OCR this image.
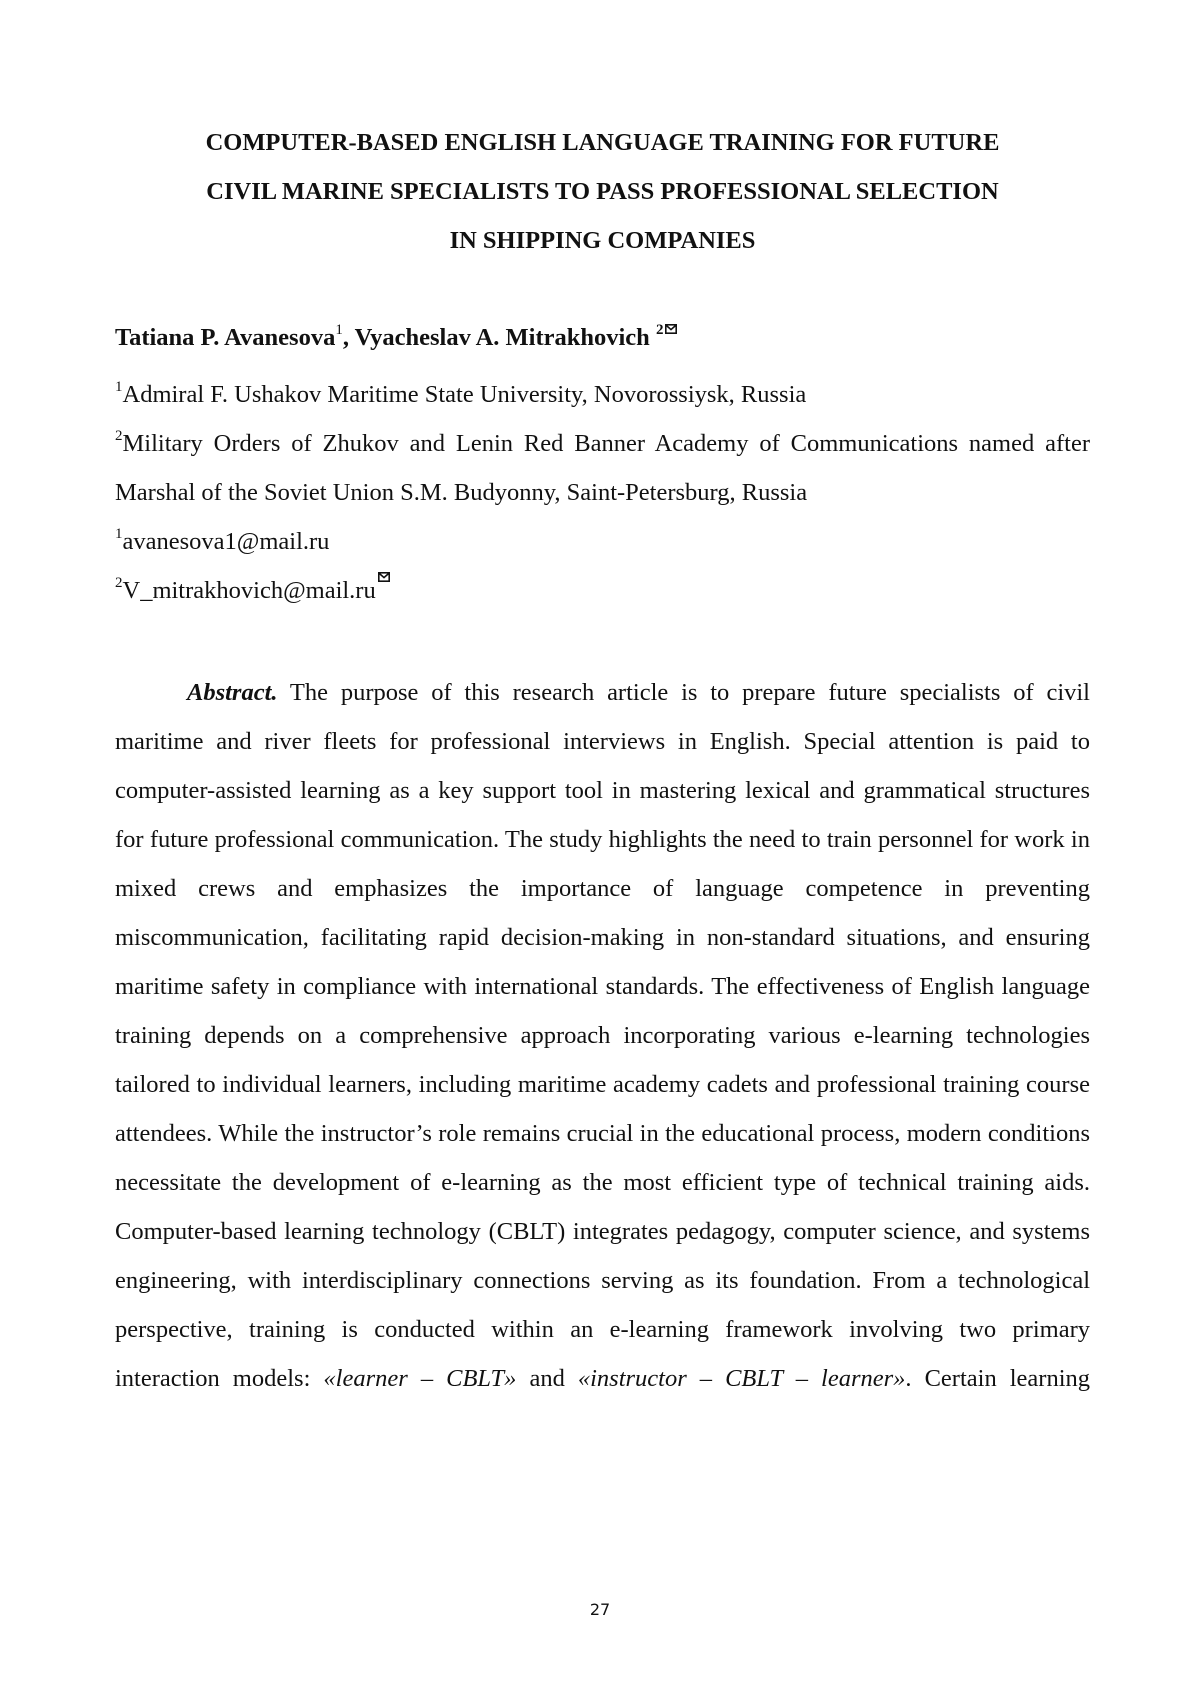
COMPUTER-BASED ENGLISH LANGUAGE TRAINING FOR FUTURE
CIVIL MARINE SPECIALISTS TO PASS PROFESSIONAL SELECTION
IN SHIPPING COMPANIES
Tatiana P. Avanesova$^1$, Vyacheslav A. Mitrakhovich $^2$
$^1$Admiral F. Ushakov Maritime State University, Novorossiysk, Russia
$^2$Military Orders of Zhukov and Lenin Red Banner Academy of Communications named after Marshal of the Soviet Union S.M. Budyonny, Saint-Petersburg, Russia
$^1$avanesova1@mail.ru
$^2$V_mitrakhovich@mail.ru
Abstract. The purpose of this research article is to prepare future specialists of civil maritime and river fleets for professional interviews in English. Special attention is paid to computer-assisted learning as a key support tool in mastering lexical and grammatical structures for future professional communication. The study highlights the need to train personnel for work in mixed crews and emphasizes the importance of language competence in preventing miscommunication, facilitating rapid decision-making in non-standard situations, and ensuring maritime safety in compliance with international standards. The effectiveness of English language training depends on a comprehensive approach incorporating various e-learning technologies tailored to individual learners, including maritime academy cadets and professional training course attendees. While the instructor’s role remains crucial in the educational process, modern conditions necessitate the development of e-learning as the most efficient type of technical training aids. Computer-based learning technology (CBLT) integrates pedagogy, computer science, and systems engineering, with interdisciplinary connections serving as its foundation. From a technological perspective, training is conducted within an e-learning framework involving two primary interaction models: «learner – CBLT» and «instructor – CBLT – learner». Certain learning
27
